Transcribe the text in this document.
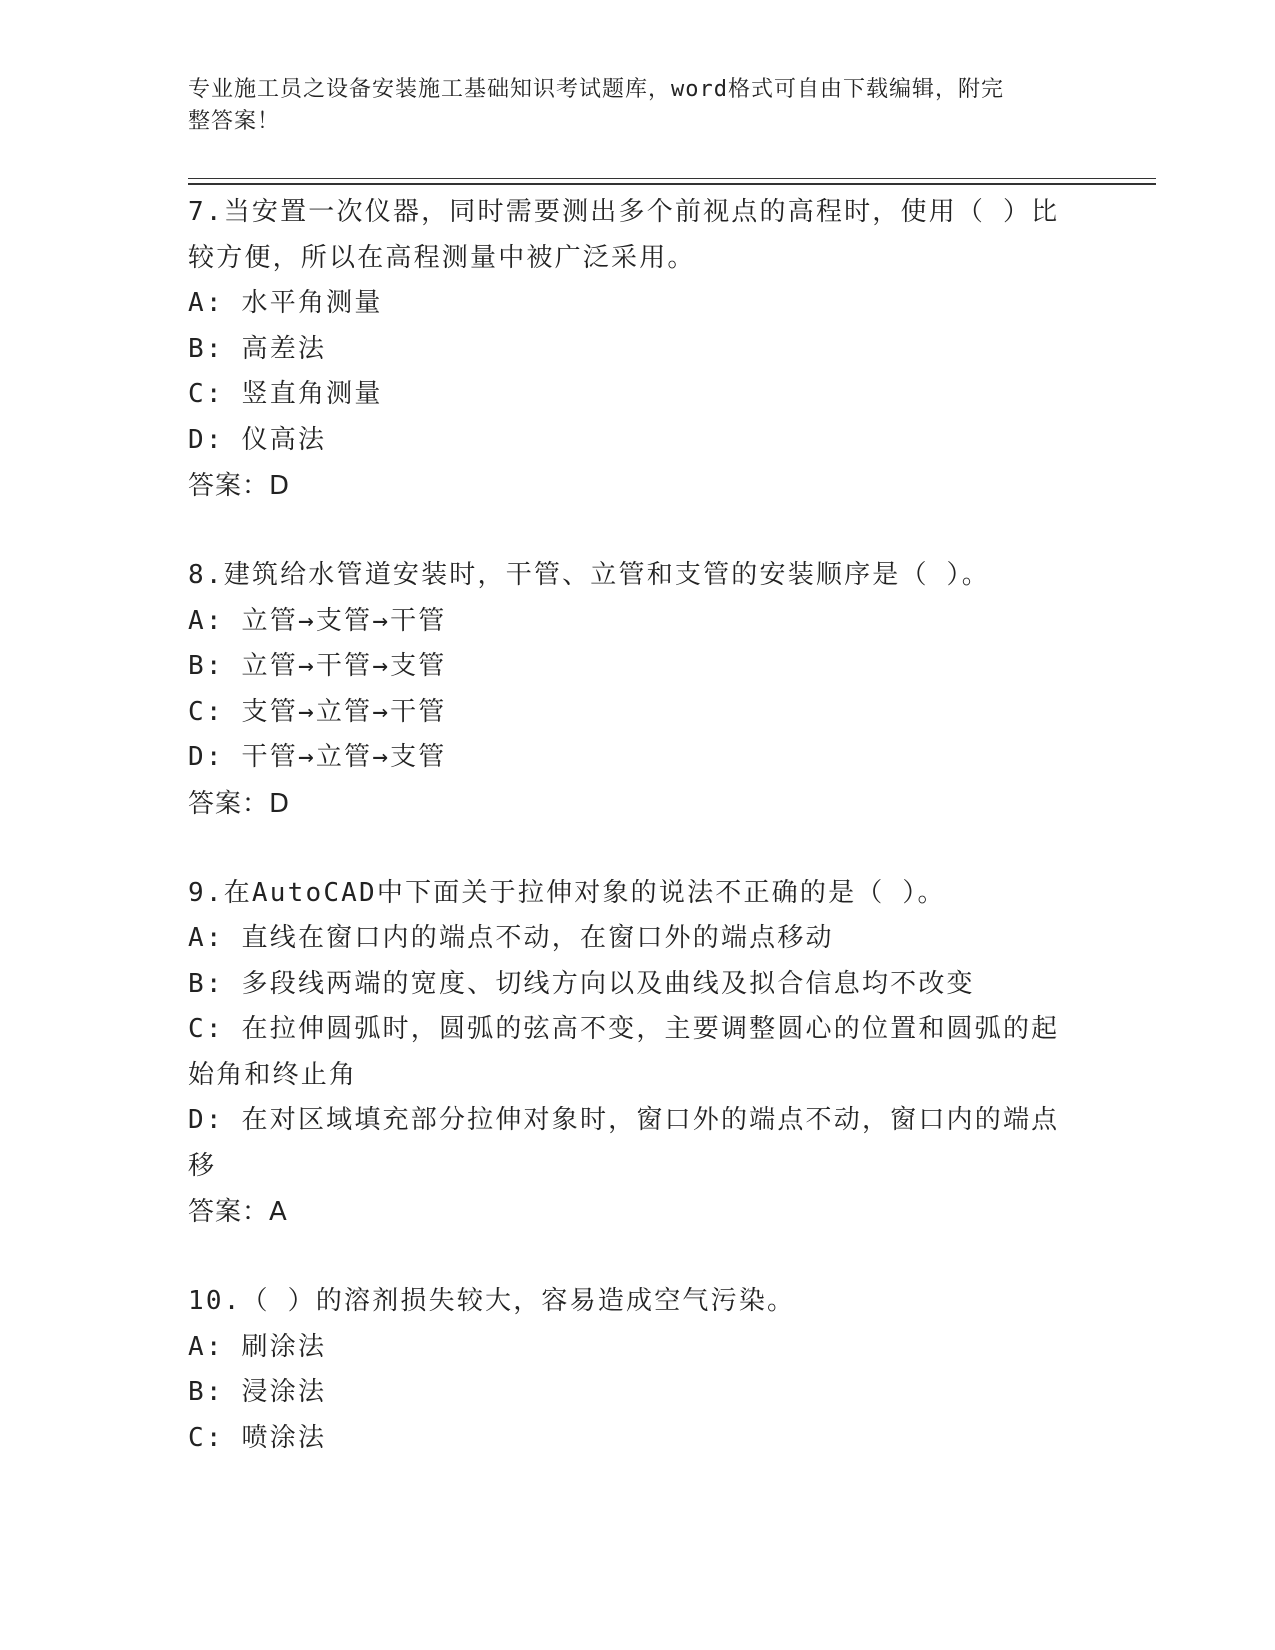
专业施工员之设备安装施工基础知识考试题库，word格式可自由下载编辑，附完
整答案！
7.当安置一次仪器，同时需要测出多个前视点的高程时，使用（ ）比
较方便，所以在高程测量中被广泛采用。
A: 水平角测量
B: 高差法
C: 竖直角测量
D: 仪高法
答案：D
8.建筑给水管道安装时，干管、立管和支管的安装顺序是（ ）。
A: 立管→支管→干管
B: 立管→干管→支管
C: 支管→立管→干管
D: 干管→立管→支管
答案：D
9.在AutoCAD中下面关于拉伸对象的说法不正确的是（ ）。
A: 直线在窗口内的端点不动，在窗口外的端点移动
B: 多段线两端的宽度、切线方向以及曲线及拟合信息均不改变
C: 在拉伸圆弧时，圆弧的弦高不变，主要调整圆心的位置和圆弧的起
始角和终止角
D: 在对区域填充部分拉伸对象时，窗口外的端点不动，窗口内的端点
移
答案：A
10.（ ）的溶剂损失较大，容易造成空气污染。
A: 刷涂法
B: 浸涂法
C: 喷涂法
